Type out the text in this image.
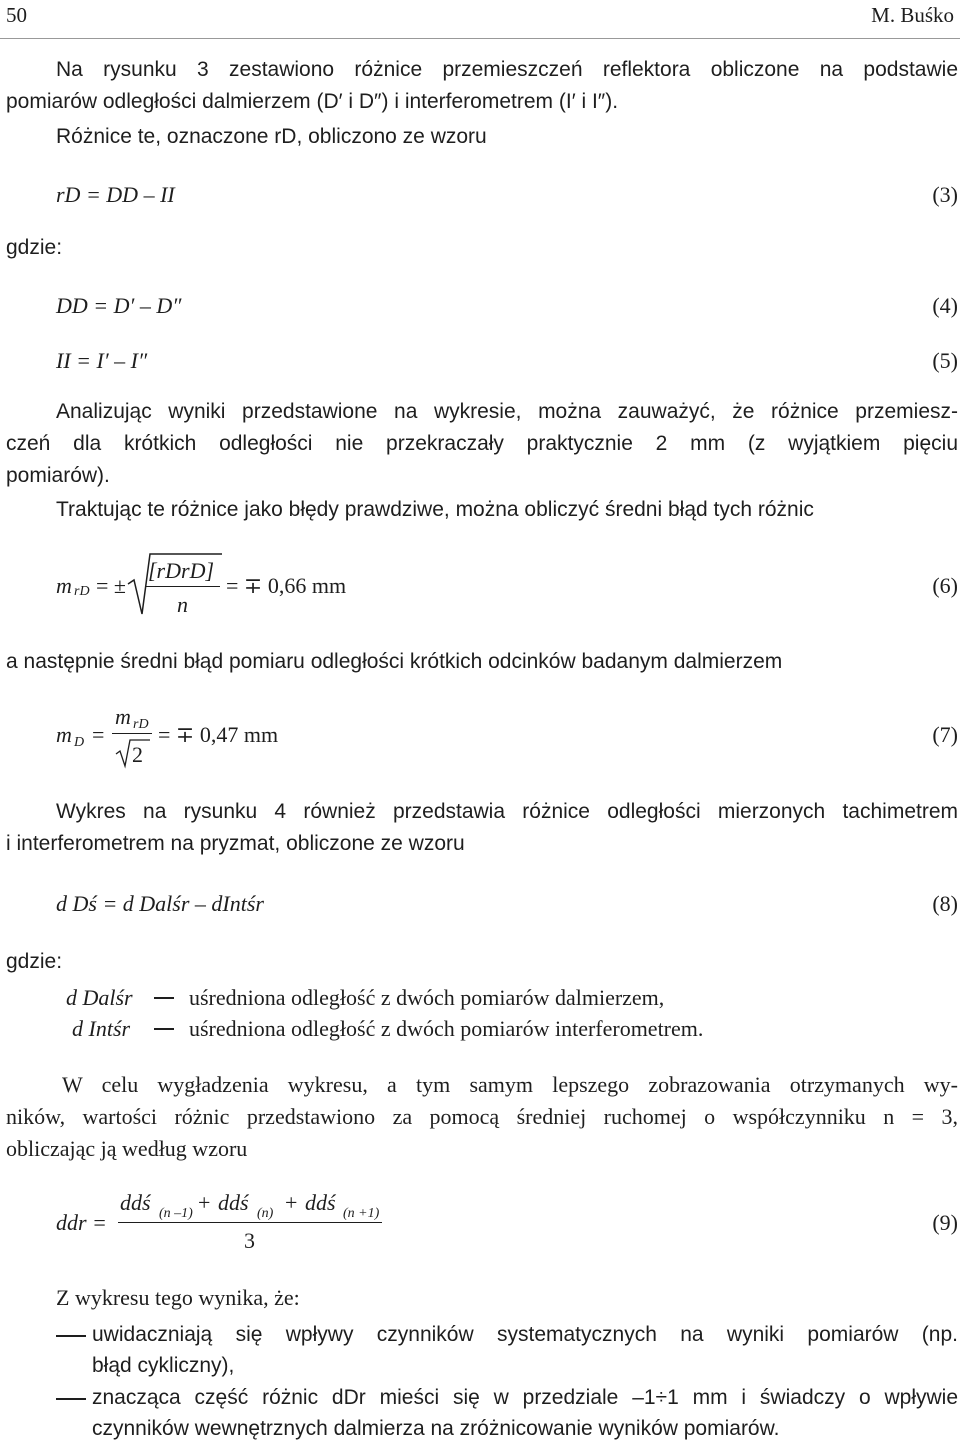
50	M. Buśko
Na rysunku 3 zestawiono różnice przemieszczeń reflektora obliczone na podstawie
pomiarów odległości dalmierzem (D′ i D″) i interferometrem (I′ i I″).
Różnice te, oznaczone rD, obliczono ze wzoru
rD = DD – II	(3)
gdzie:
DD = D′ – D″	(4)
II = I′ – I″	(5)
Analizując wyniki przedstawione na wykresie, można zauważyć, że różnice przemiesz-
czeń dla krótkich odległości nie przekraczały praktycznie 2 mm (z wyjątkiem pięciu
pomiarów).
Traktując te różnice jako błędy prawdziwe, można obliczyć średni błąd tych różnic
m rD = ±
[rDrD]
n
= ∓ 0,66 mm	(6)
a następnie średni błąd pomiaru odległości krótkich odcinków badanym dalmierzem
m D =
m rD
2
= ∓ 0,47 mm	(7)
Wykres na rysunku 4 również przedstawia różnice odległości mierzonych tachimetrem
i interferometrem na pryzmat, obliczone ze wzoru
d Dś = d Dalśr – dIntśr	(8)
gdzie:
d Dalśr	uśredniona odległość z dwóch pomiarów dalmierzem,
d Intśr	uśredniona odległość z dwóch pomiarów interferometrem.
W celu wygładzenia wykresu, a tym samym lepszego zobrazowania otrzymanych wy-
ników, wartości różnic przedstawiono za pomocą średniej ruchomej o współczynniku n = 3,
obliczając ją według wzoru
ddr =
ddś (n –1) + ddś (n) + ddś (n +1)
3
(9)
Z wykresu tego wynika, że:
uwidaczniają się wpływy czynników systematycznych na wyniki pomiarów (np.
błąd cykliczny),
znacząca część różnic dDr mieści się w przedziale –1÷1 mm i świadczy o wpływie
czynników wewnętrznych dalmierza na zróżnicowanie wyników pomiarów.
